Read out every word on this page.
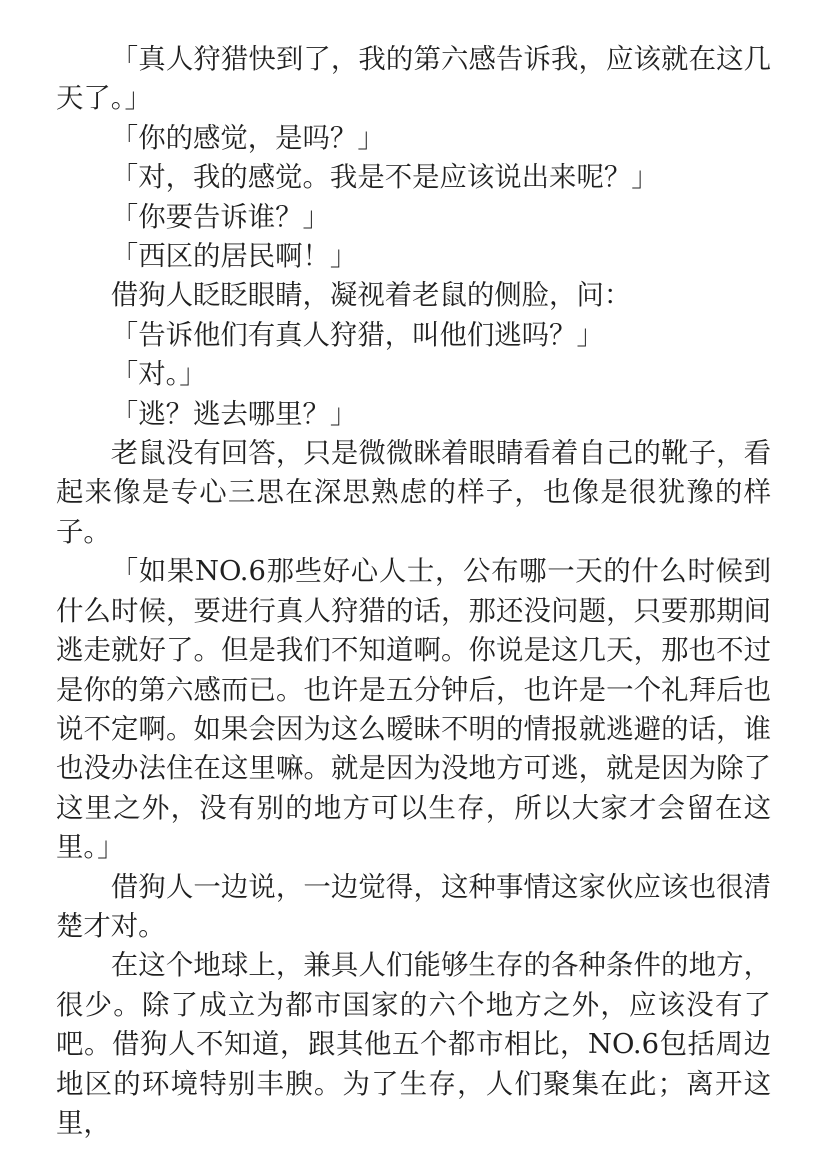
「真人狩猎快到了，我的第六感告诉我，应该就在这几天了。」

「你的感觉，是吗？」

「对，我的感觉。我是不是应该说出来呢？」

「你要告诉谁？」

「西区的居民啊！」

借狗人眨眨眼睛，凝视着老鼠的侧脸，问：

「告诉他们有真人狩猎，叫他们逃吗？」

「对。」

「逃？逃去哪里？」

老鼠没有回答，只是微微眯着眼睛看着自己的靴子，看起来像是专心三思在深思熟虑的样子，也像是很犹豫的样子。

「如果NO.6那些好心人士，公布哪一天的什么时候到什么时候，要进行真人狩猎的话，那还没问题，只要那期间逃走就好了。但是我们不知道啊。你说是这几天，那也不过是你的第六感而已。也许是五分钟后，也许是一个礼拜后也说不定啊。如果会因为这么暧昧不明的情报就逃避的话，谁也没办法住在这里嘛。就是因为没地方可逃，就是因为除了这里之外，没有别的地方可以生存，所以大家才会留在这里。」

借狗人一边说，一边觉得，这种事情这家伙应该也很清楚才对。

在这个地球上，兼具人们能够生存的各种条件的地方，很少。除了成立为都市国家的六个地方之外，应该没有了吧。借狗人不知道，跟其他五个都市相比，NO.6包括周边地区的环境特别丰腴。为了生存，人们聚集在此；离开这里，
